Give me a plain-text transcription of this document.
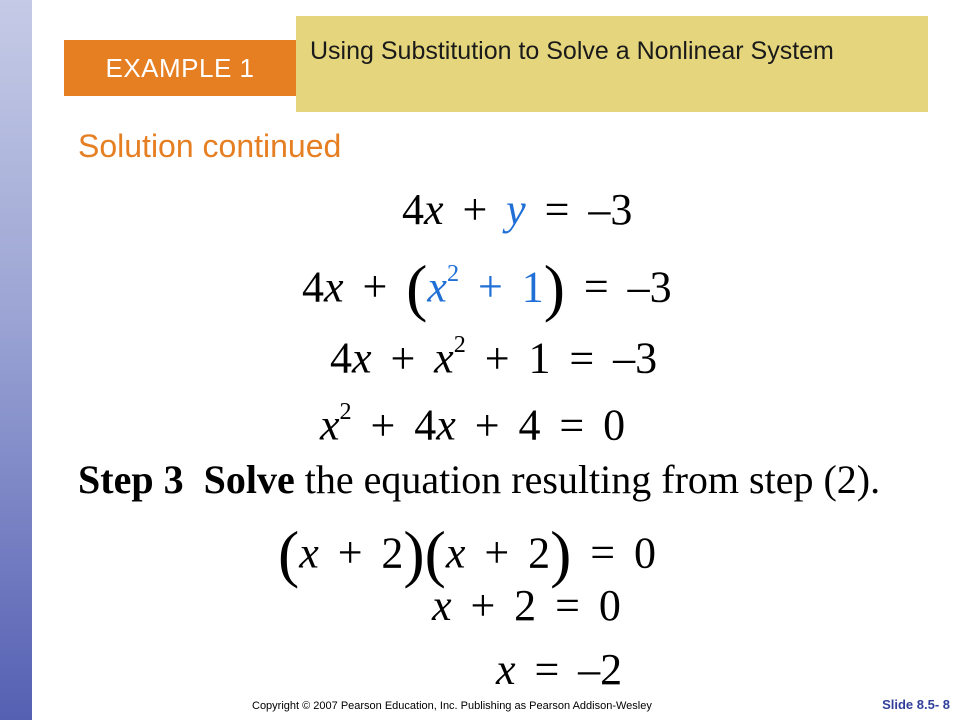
EXAMPLE 1
Using Substitution to Solve a Nonlinear System
Solution continued
4x + y = –3
$4x + (x^2 + 1) = -3$
$4x + x^2 + 1 = -3$
$x^2 + 4x + 4 = 0$
Step 3 Solve the equation resulting from step (2).
(x + 2)(x + 2) = 0
x + 2 = 0
x = –2
Copyright © 2007 Pearson Education, Inc. Publishing as Pearson Addison-Wesley	Slide 8.5- 8
